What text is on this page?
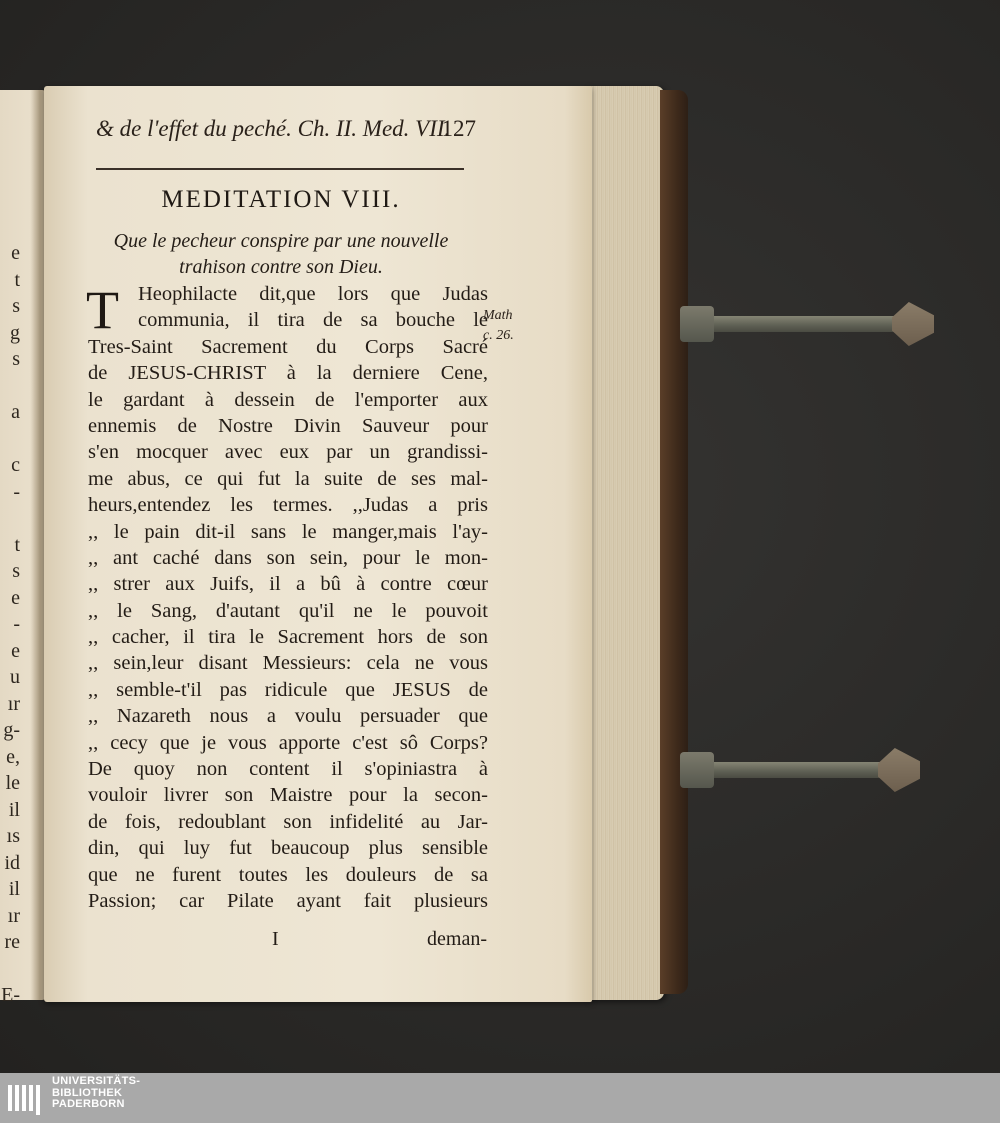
e
t
s
g
s
a
c
-
t
s
e
-
e
u
ır
g-
e,
le
il
ıs
id
il
ır
re
E-
& de l'effet du peché. Ch. II. Med. VII.
127
MEDITATION VIII.
Que le pecheur conspire par une nouvelle
trahison contre son Dieu.
T Heophilacte dit,que lors que Judas
communia, il tira de sa bouche le
Tres-Saint Sacrement du Corps Sacré
de JESUS-CHRIST à la derniere Cene,
le gardant à dessein de l'emporter aux
ennemis de Nostre Divin Sauveur pour
s'en mocquer avec eux par un grandissi-
me abus, ce qui fut la suite de ses mal-
heurs,entendez les termes. ,,Judas a pris
,, le pain dit-il sans le manger,mais l'ay-
,, ant caché dans son sein, pour le mon-
,, strer aux Juifs, il a bû à contre cœur
,, le Sang, d'autant qu'il ne le pouvoit
,, cacher, il tira le Sacrement hors de son
,, sein,leur disant Messieurs: cela ne vous
,, semble-t'il pas ridicule que JESUS de
,, Nazareth nous a voulu persuader que
,, cecy que je vous apporte c'est sô Corps?
De quoy non content il s'opiniastra à
vouloir livrer son Maistre pour la secon-
de fois, redoublant son infidelité au Jar-
din, qui luy fut beaucoup plus sensible
que ne furent toutes les douleurs de sa
Passion; car Pilate ayant fait plusieurs
Math
c. 26.
I	deman-
UNIVERSITÄTS-
BIBLIOTHEK
PADERBORN
